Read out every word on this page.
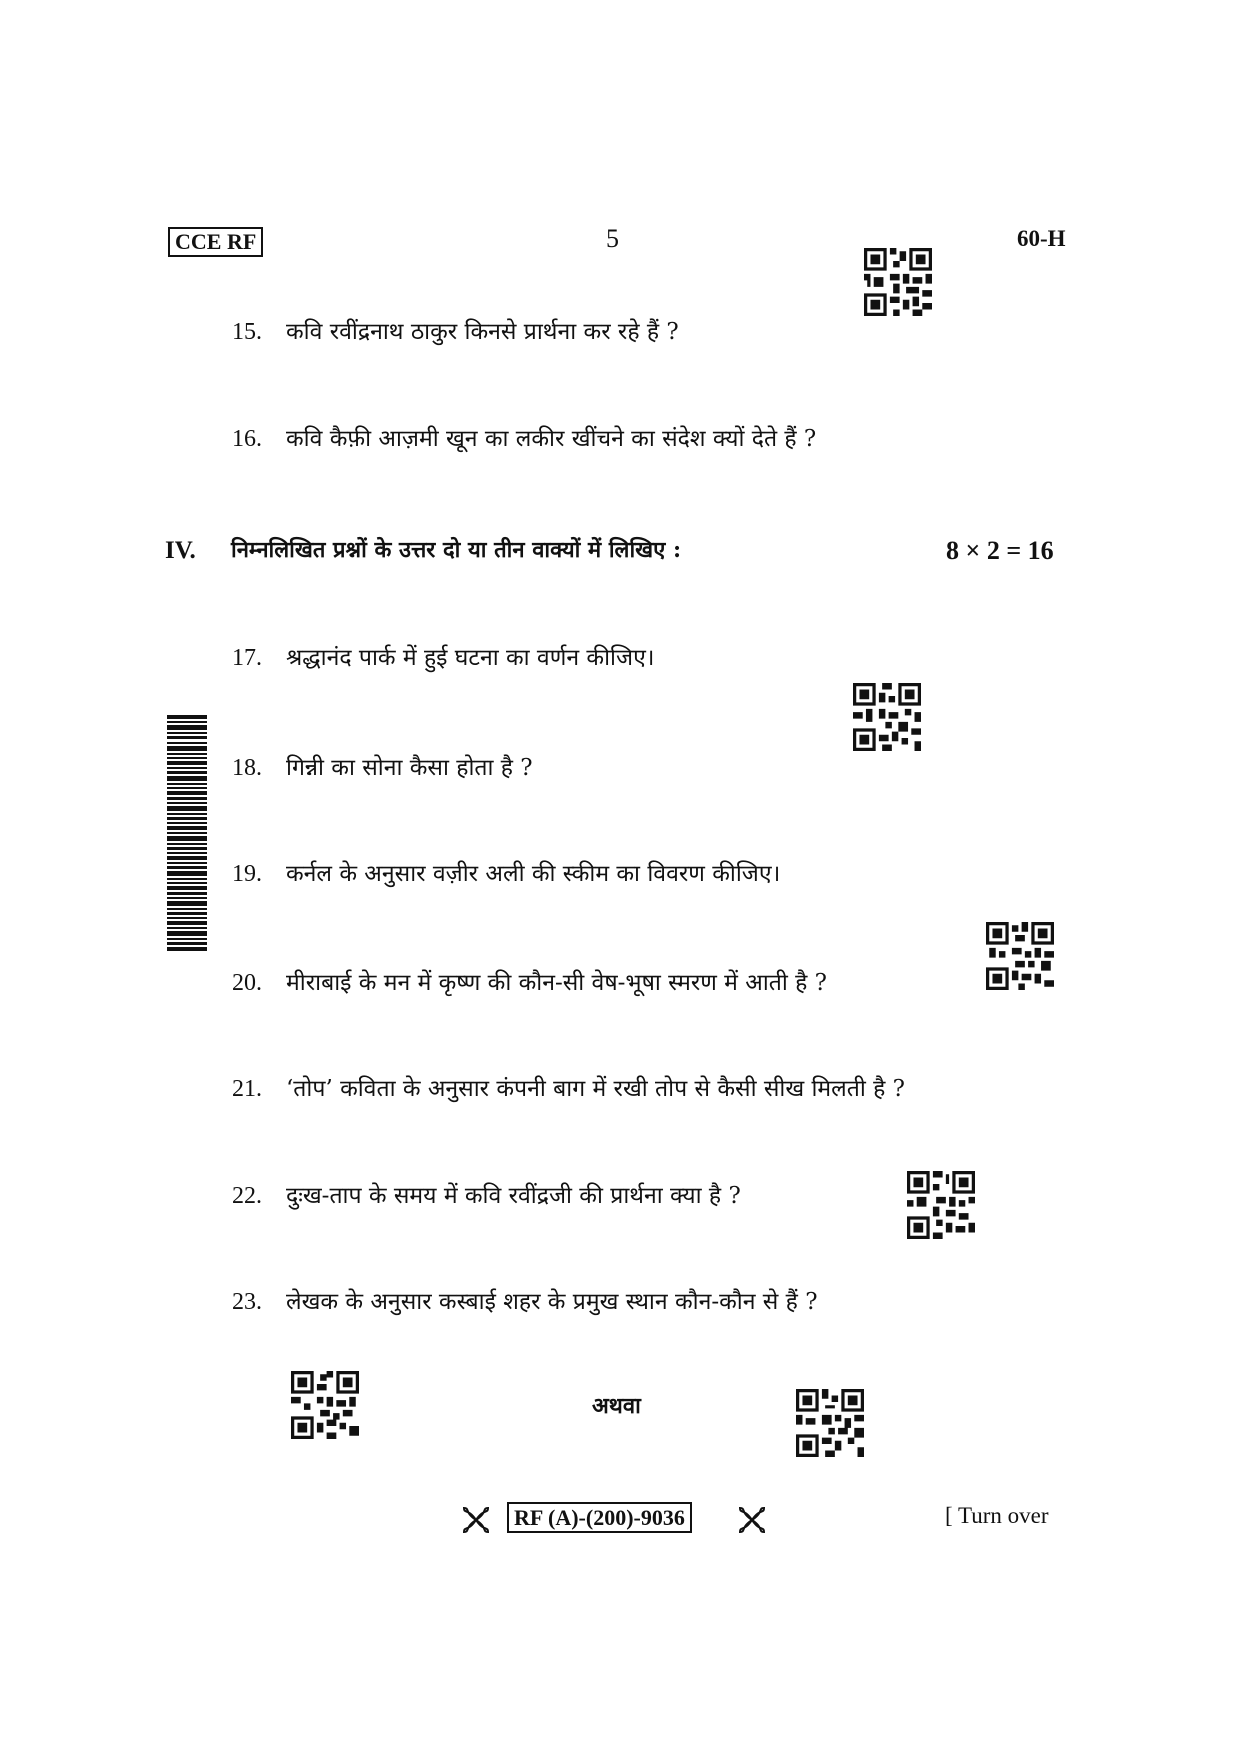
CCE RF	5	60-H
15. कवि रवींद्रनाथ ठाकुर किनसे प्रार्थना कर रहे हैं ?
16. कवि कैफ़ी आज़मी खून का लकीर खींचने का संदेश क्यों देते हैं ?
IV. निम्नलिखित प्रश्नों के उत्तर दो या तीन वाक्यों में लिखिए :	8 × 2 = 16
17. श्रद्धानंद पार्क में हुई घटना का वर्णन कीजिए।
18. गिन्नी का सोना कैसा होता है ?
19. कर्नल के अनुसार वज़ीर अली की स्कीम का विवरण कीजिए।
20. मीराबाई के मन में कृष्ण की कौन-सी वेष-भूषा स्मरण में आती है ?
21. ‘तोप’ कविता के अनुसार कंपनी बाग में रखी तोप से कैसी सीख मिलती है ?
22. दुःख-ताप के समय में कवि रवींद्रजी की प्रार्थना क्या है ?
23. लेखक के अनुसार कस्बाई शहर के प्रमुख स्थान कौन-कौन से हैं ?
अथवा
RF (A)-(200)-9036	[ Turn over
